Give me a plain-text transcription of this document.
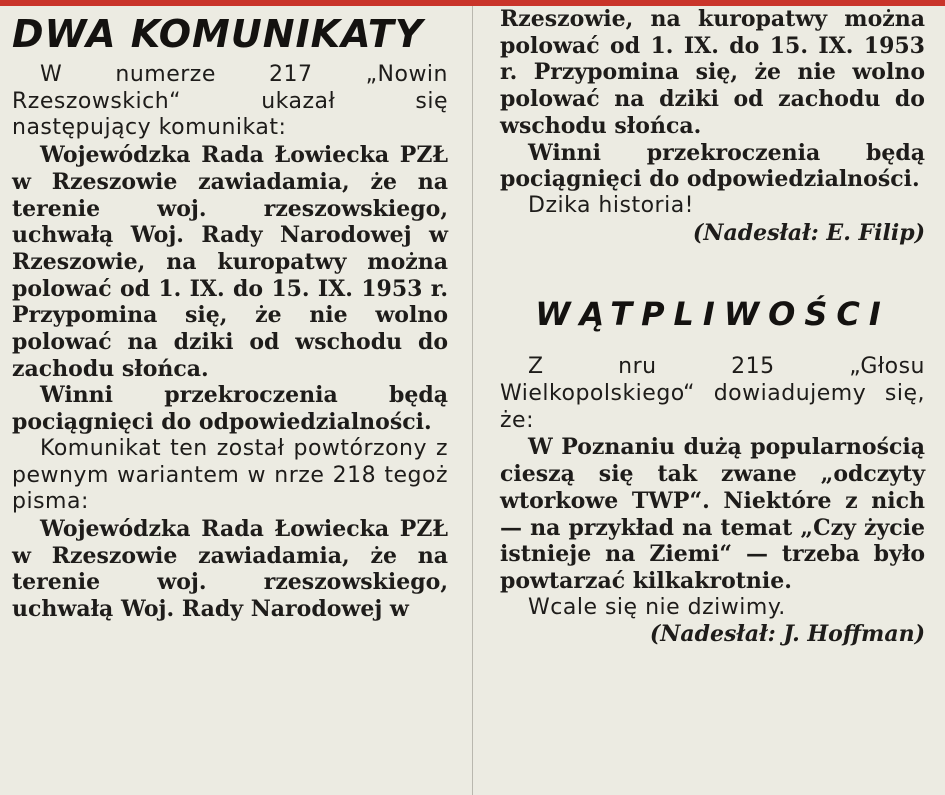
DWA KOMUNIKATY

W numerze 217 „Nowin Rzeszowskich“ ukazał się następujący komunikat:

Wojewódzka Rada Łowiecka PZŁ w Rzeszowie zawiadamia, że na terenie woj. rzeszowskiego, uchwałą Woj. Rady Narodowej w Rzeszowie, na kuropatwy można polować od 1. IX. do 15. IX. 1953 r. Przypomina się, że nie wolno polować na dziki od wschodu do zachodu słońca.

Winni przekroczenia będą pociągnięci do odpowiedzialności.

Komunikat ten został powtórzony z pewnym wariantem w nrze 218 tegoż pisma:

Wojewódzka Rada Łowiecka PZŁ w Rzeszowie zawiadamia, że na terenie woj. rzeszowskiego, uchwałą Woj. Rady Narodowej w

Rzeszowie, na kuropatwy można polować od 1. IX. do 15. IX. 1953 r. Przypomina się, że nie wolno polować na dziki od zachodu do wschodu słońca.

Winni przekroczenia będą pociągnięci do odpowiedzialności.

Dzika historia!

(Nadesłał: E. Filip)

WĄTPLIWOŚCI

Z nru 215 „Głosu Wielkopolskiego“ dowiadujemy się, że:

W Poznaniu dużą popularnością cieszą się tak zwane „odczyty wtorkowe TWP“. Niektóre z nich — na przykład na temat „Czy życie istnieje na Ziemi“ — trzeba było powtarzać kilkakrotnie.

Wcale się nie dziwimy.

(Nadesłał: J. Hoffman)
